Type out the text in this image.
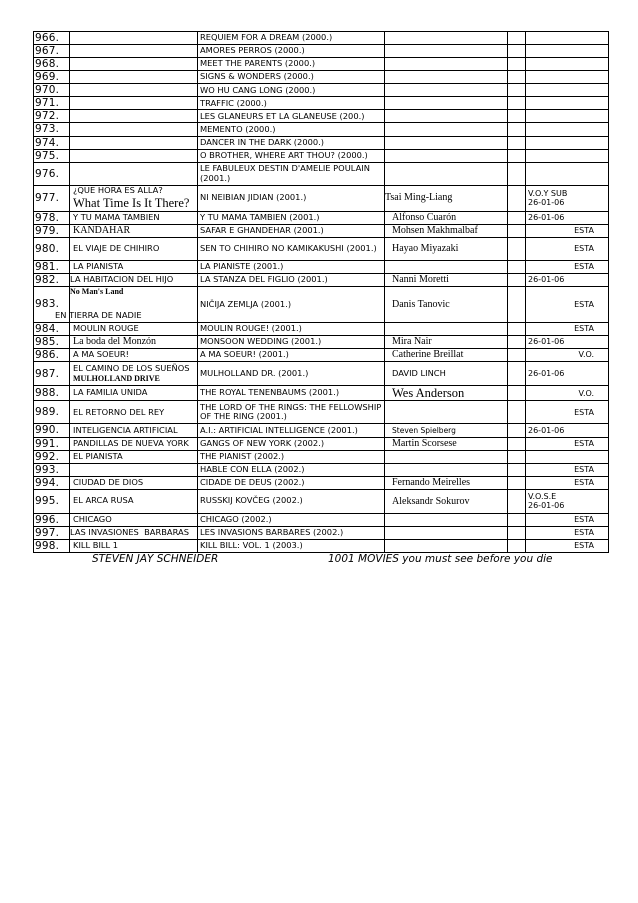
966.		REQUIEM FOR A DREAM (2000.)			
967.		AMORES PERROS (2000.)			
968.		MEET THE PARENTS (2000.)			
969.		SIGNS & WONDERS (2000.)			
970.		WO HU CANG LONG (2000.)			
971.		TRAFFIC (2000.)			
972.		LES GLANEURS ET LA GLANEUSE (200.)			
973.		MEMENTO (2000.)			
974.		DANCER IN THE DARK (2000.)			
975.		O BROTHER, WHERE ART THOU? (2000.)			
976.		LE FABULEUX DESTIN D'AMELIE POULAIN (2001.)			
977.	¿QUE HORA ES ALLA?
What Time Is It There?	NI NEIBIAN JIDIAN (2001.)	Tsai Ming-Liang		V.O.Y SUB
26-01-06

978.	Y TU MAMA TAMBIEN	Y TU MAMA TAMBIEN (2001.)	Alfonso Cuarón		26-01-06
979.	KANDAHAR	SAFAR E GHANDEHAR (2001.)	Mohsen Makhmalbaf		ESTA
980.	EL VIAJE DE CHIHIRO	SEN TO CHIHIRO NO KAMIKAKUSHI (2001.)	Hayao Miyazaki		ESTA
981.	LA PIANISTA	LA PIANISTE (2001.)			ESTA
982.	LA HABITACION DEL HIJO	LA STANZA DEL FIGLIO (2001.)	Nanni Moretti		26-01-06
983.	No Man's Land
EN TIERRA DE NADIE	NIČIJA ZEMLJA (2001.)	Danis Tanovic		ESTA
984.	MOULIN ROUGE	MOULIN ROUGE! (2001.)			ESTA
985.	La boda del Monzón	MONSOON WEDDING (2001.)	Mira Nair		26-01-06
986.	A MA SOEUR!	A MA SOEUR! (2001.)	Catherine Breillat		V.O.
987.	EL CAMINO DE LOS SUEÑOS
MULHOLLAND DRIVE	MULHOLLAND DR. (2001.)	DAVID LINCH		26-01-06
988.	LA FAMILIA UNIDA	THE ROYAL TENENBAUMS (2001.)	Wes Anderson		V.O.
989.	EL RETORNO DEL REY	THE LORD OF THE RINGS: THE FELLOWSHIP OF THE RING (2001.)			ESTA
990.	INTELIGENCIA ARTIFICIAL	A.I.: ARTIFICIAL INTELLIGENCE (2001.)	Steven Spielberg		26-01-06
991.	PANDILLAS DE NUEVA YORK	GANGS OF NEW YORK (2002.)	Martin Scorsese		ESTA
992.	EL PIANISTA	THE PIANIST (2002.)			
993.		HABLE CON ELLA (2002.)			ESTA
994.	CIUDAD DE DIOS	CIDADE DE DEUS (2002.)	Fernando Meirelles		ESTA
995.	EL ARCA RUSA	RUSSKIJ KOVČEG (2002.)	Aleksandr Sokurov		V.O.S.E
26-01-06

996.	CHICAGO	CHICAGO (2002.)			ESTA
997.	LAS INVASIONES  BARBARAS	LES INVASIONS BARBARES (2002.)			ESTA
998.	KILL BILL 1	KILL BILL: VOL. 1 (2003.)			ESTA
STEVEN JAY SCHNEIDER	1001 MOVIES you must see before you die
